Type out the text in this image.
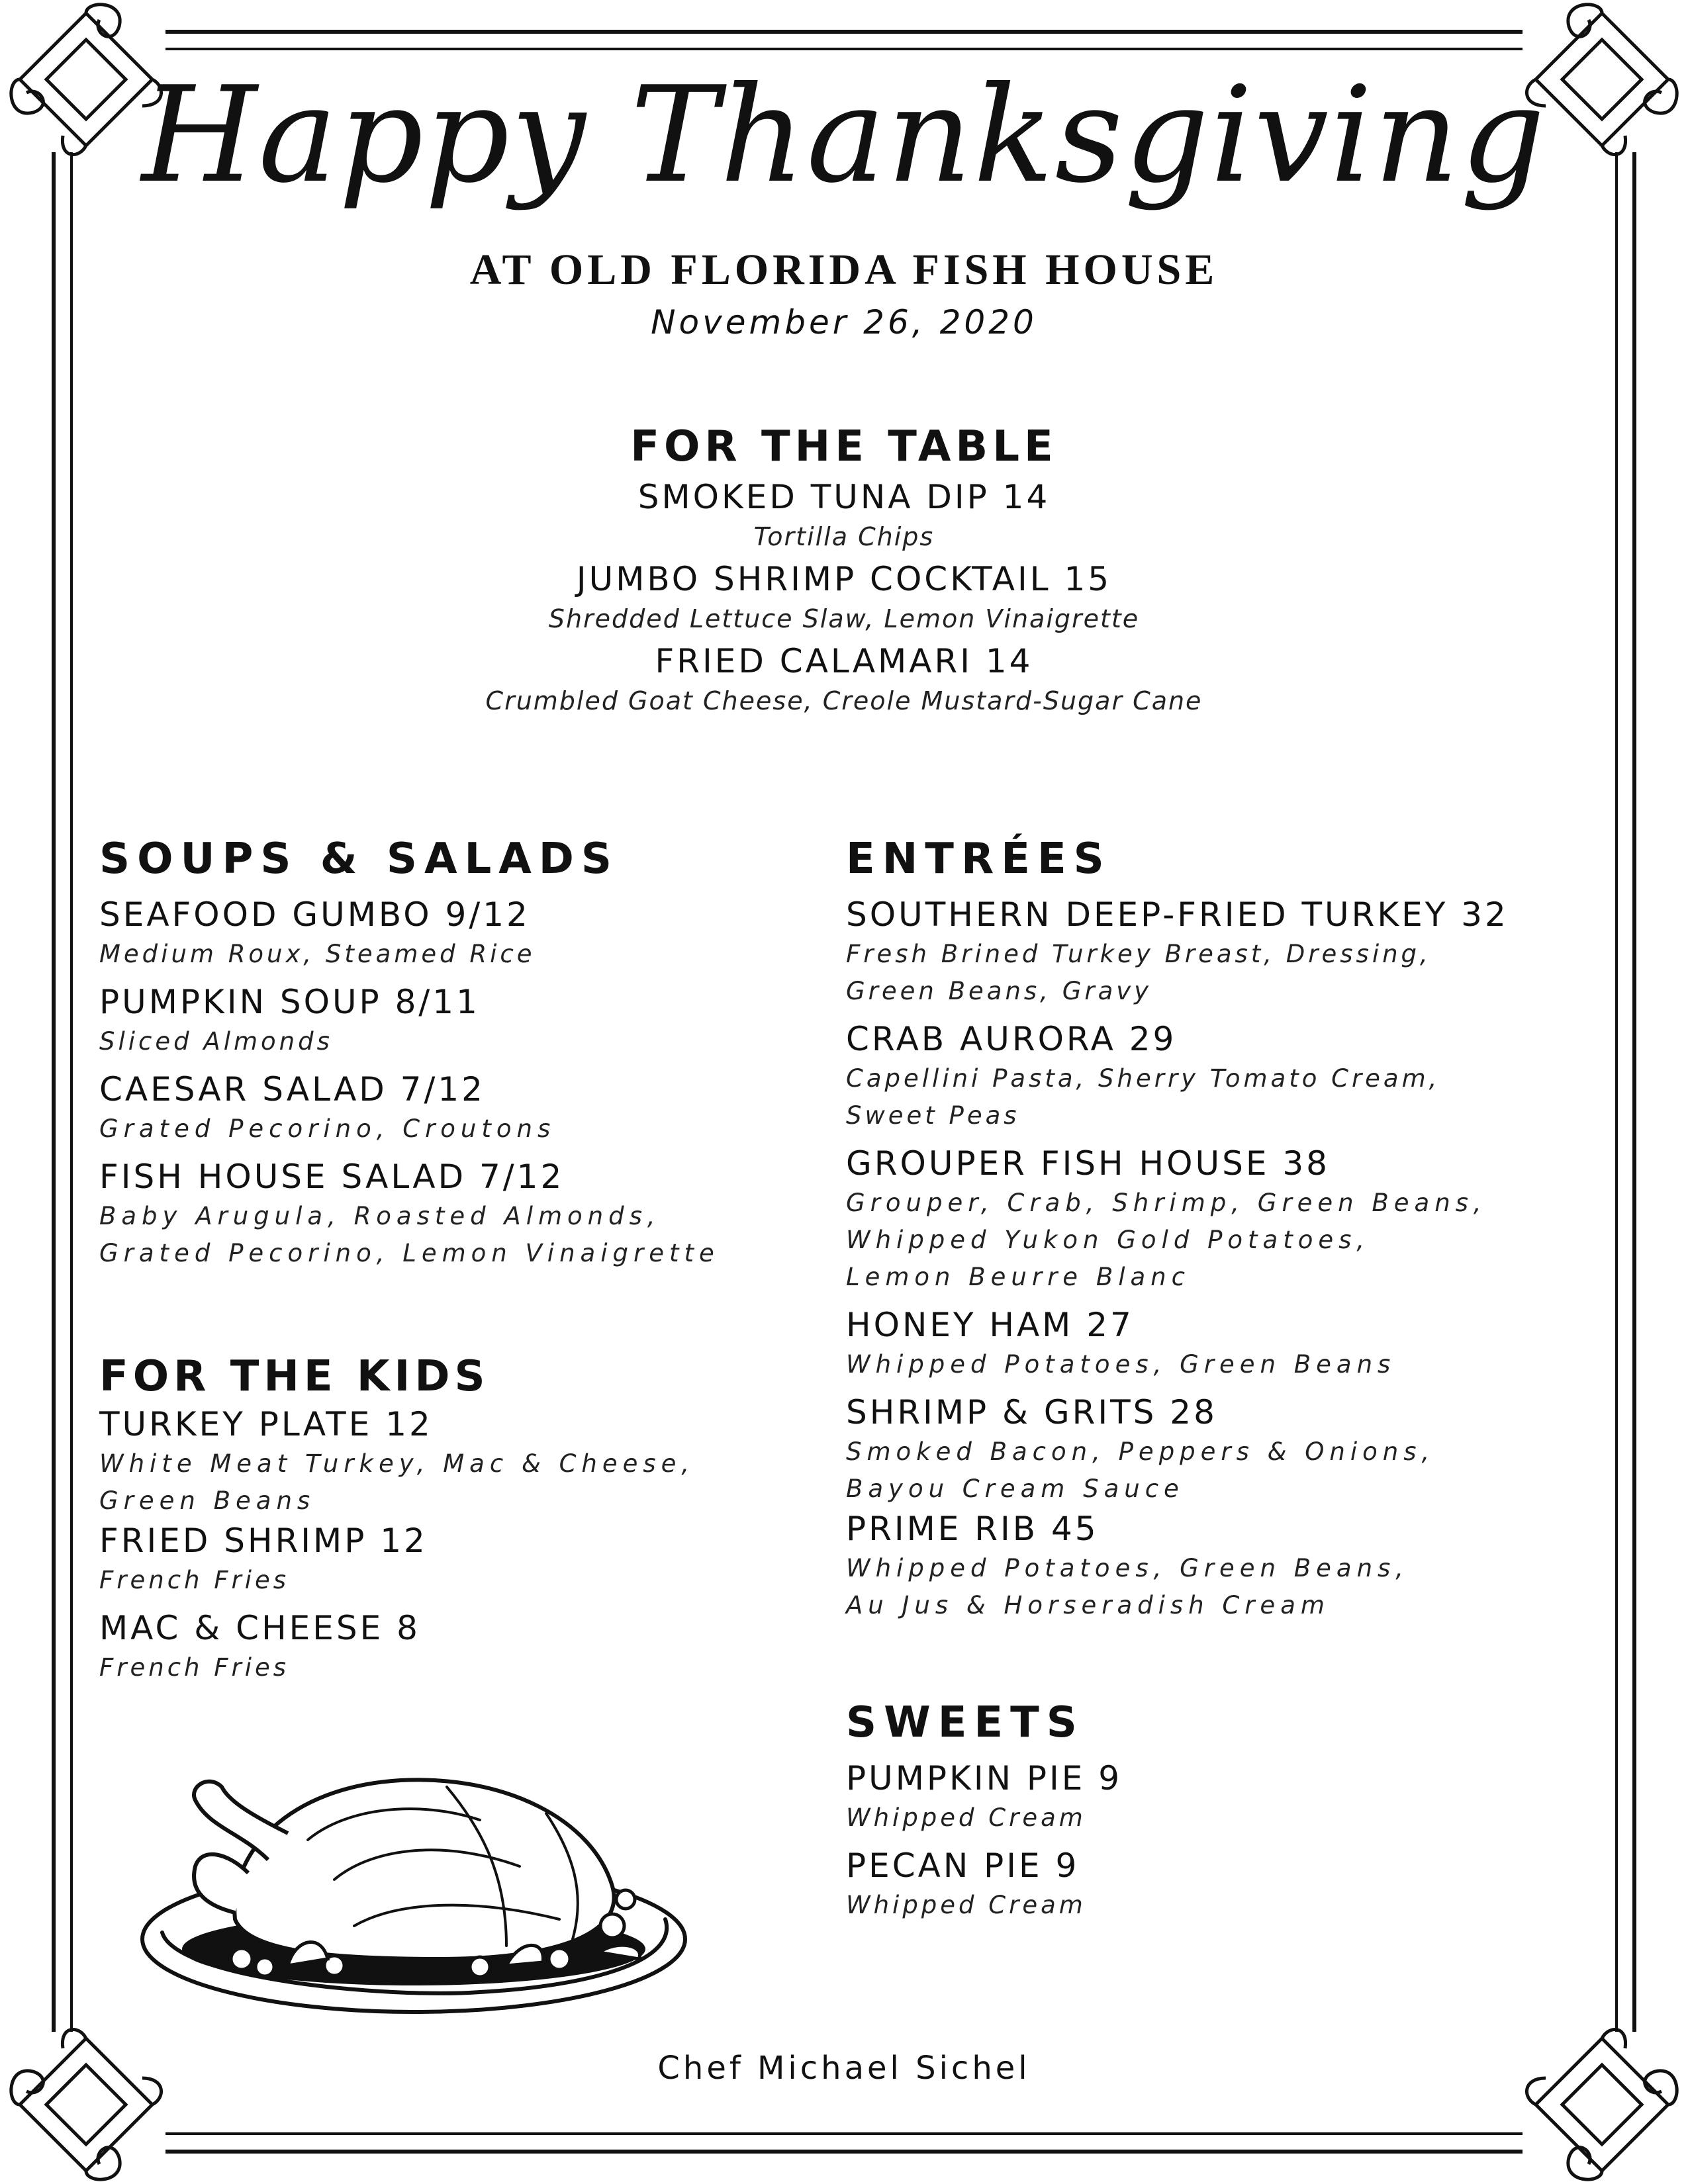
Happy Thanksgiving
AT OLD FLORIDA FISH HOUSE
November 26, 2020
FOR THE TABLE
SMOKED TUNA DIP 14
Tortilla Chips
JUMBO SHRIMP COCKTAIL 15
Shredded Lettuce Slaw, Lemon Vinaigrette
FRIED CALAMARI 14
Crumbled Goat Cheese, Creole Mustard-Sugar Cane
SOUPS & SALADS
SEAFOOD GUMBO 9/12
Medium Roux, Steamed Rice
PUMPKIN SOUP 8/11
Sliced Almonds
CAESAR SALAD 7/12
Grated Pecorino, Croutons
FISH HOUSE SALAD 7/12
Baby Arugula, Roasted Almonds,
Grated Pecorino, Lemon Vinaigrette
FOR THE KIDS
TURKEY PLATE 12
White Meat Turkey, Mac & Cheese,
Green Beans
FRIED SHRIMP 12
French Fries
MAC & CHEESE 8
French Fries
ENTRÉES
SOUTHERN DEEP-FRIED TURKEY 32
Fresh Brined Turkey Breast, Dressing,
Green Beans, Gravy
CRAB AURORA 29
Capellini Pasta, Sherry Tomato Cream,
Sweet Peas
GROUPER FISH HOUSE 38
Grouper, Crab, Shrimp, Green Beans,
Whipped Yukon Gold Potatoes,
Lemon Beurre Blanc
HONEY HAM 27
Whipped Potatoes, Green Beans
SHRIMP & GRITS 28
Smoked Bacon, Peppers & Onions,
Bayou Cream Sauce
PRIME RIB 45
Whipped Potatoes, Green Beans,
Au Jus & Horseradish Cream
SWEETS
PUMPKIN PIE 9
Whipped Cream
PECAN PIE 9
Whipped Cream
Chef Michael Sichel
